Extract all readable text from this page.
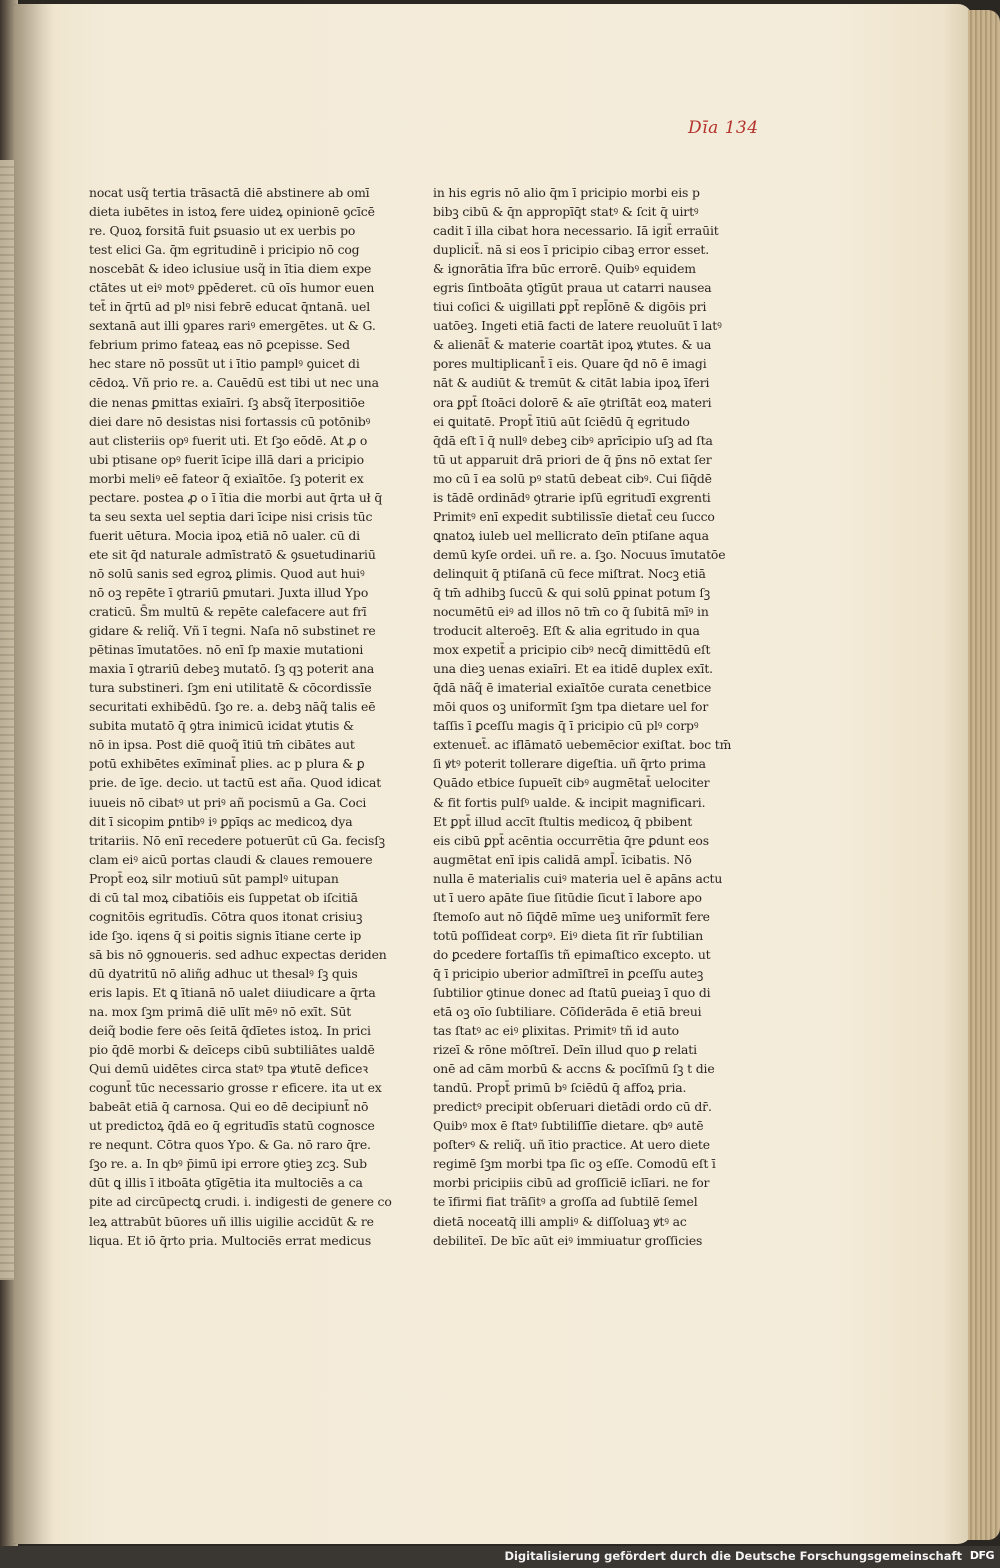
Dīa 134
nocat usq̃ tertia trāsactā diē abstinere ab omī
dieta iubētes in istoꝝ fere uideꝝ opinionē ꝯcīcē
re. Quoꝝ forsitā fuit ꝑsuasio ut ex uerbis po
test elici Ga. q̄m egritudinē i pricipio nō cog
noscebāt & ideo iclusiue usq̃ in ītia diem expe
ctātes ut eiꝰ motꝰ ꝑpēderet. cū oīs humor euen
tet̄ in q̄rtū ad plꝰ nisi febrē educat q̄ntanā. uel
sextanā aut illi ꝯpares rariꝰ emergētes. ut & G.
febrium primo fateaꝝ eas nō ꝑcepisse. Sed
hec stare nō possūt ut i ītio pamplꝰ ꝯuicet di
cēdoꝝ. Vñ prio re. a. Cauēdū est tibi ut nec una
die nenas ꝑmittas exiaīri. ſꝫ absq̃ īterpositiōe
diei dare nō desistas nisi fortassis cū potōnibꝰ
aut clisteriis opꝰ fuerit uti. Et ſꝫo eōdē. At ꝓ o
ubi ptisane opꝰ fuerit īcipe illā dari a pricipio
morbi meliꝰ eē fateor q̄ exiaītōe. ſꝫ poterit ex
pectare. postea ꝓ o ī ītia die morbi aut q̄rta uł q̄
ta seu sexta uel septia dari īcipe nisi crisis tūc
fuerit uētura. Mocia ipoꝝ etiā nō ualer. cū di
ete sit q̄d naturale admīstratō & ꝯsuetudinariū
nō solū sanis sed egroꝝ ꝑlimis. Quod aut huiꝰ
nō oꝫ repēte ī ꝯtrariū ꝑmutari. Juxta illud Ypo
craticū. S̄m multū & repēte calefacere aut frī
gidare & reliq̃. Vñ ī tegni. Naſa nō substinet re
pētinas īmutatōes. nō enī ſp maxie mutationi
maxia ī ꝯtrariū debeꝫ mutatō. ſꝫ qꝫ poterit ana
tura substineri. ſꝫm eni utilitatē & cōcordissīe
securitati exhibēdū. ſꝫo re. a. debꝫ nāq̃ talis eē
subita mutatō q̄ ꝯtra inimicū icidat ꝟtutis &
nō in ipsa. Post diē quoq̃ ītiū tm̄ cibātes aut
potū exhibētes exīminat̄ plies. ac p plura & ꝑ
prie. de īge. decio. ut tactū est aña. Quod idicat
iuueis nō cibatꝰ ut priꝰ añ pocismū a Ga. Coci
dit ī sicopim ꝑntibꝰ iꝰ ꝑpīqs ac medicoꝝ dya
tritariis. Nō enī recedere potuerūt cū Ga. fecisſꝫ
clam eiꝰ aicū portas claudi & claues remouere
Propt̄ eoꝝ silr motiuū sūt pamplꝰ uitupan
di cū tal moꝝ cibatiōis eis ſuppetat ob iſcitiā
cognitōis egritudīs. Cōtra quos itonat crisiuꝫ
ide ſꝫo. iqens q̄ si ꝑoitis signis ītiane certe ip
sā bis nō ꝯgnoueris. sed adhuc expectas deriden
dū dyatritū nō aliñg adhuc ut thesalꝰ ſꝫ quis
eris lapis. Et ꝗ ītianā nō ualet diiudicare a q̄rta
na. mox ſꝫm primā diē ulīt mēꝰ nō exīt. Sūt
deiq̃ bodie fere oēs ſeitā q̄dīetes istoꝝ. In prici
pio q̄dē morbi & deīceps cibū subtiliātes ualdē
Qui demū uidētes circa statꝰ tpa ꝟtutē deficeꝛ
cogunt̄ tūc necessario grosse r eficere. ita ut ex
babeāt etiā q̄ carnosa. Qui eo dē decipiunt̄ nō
ut predictoꝝ q̄dā eo q̄ egritudīs statū cognosce
re nequnt. Cōtra quos Ypo. & Ga. nō raro q̄re.
ſꝫo re. a. In qbꝰ p̄imū ipi errore ꝯtieꝫ zcꝫ. Sub
dūt ꝗ illis ī itboāta ꝯtīgētia ita multociēs a ca
pite ad circūpectꝗ crudi. i. indigesti de genere co
leꝝ attrabūt būores uñ illis uigilie accidūt & re
liqua. Et iō q̄rto pria. Multociēs errat medicus
in his egris nō alio q̄m ī pricipio morbi eis p
bibꝫ cibū & q̄n appropīq̄t statꝰ & ſcit q̄ uirtꝰ
cadit ī illa cibat hora necessario. Iā igit̄ erraūit
duplicit̄. nā si eos ī pricipio cibaꝫ error esset.
& ignorātia īfra būc errorē. Quibꝰ equidem
egris ſintboāta ꝯtīgūt praua ut catarri nausea
tiui coſici & uigillati ꝑpt̄ repl̄ōnē & digōis pri
uatōeꝫ. Ingeti etiā facti de latere reuoluūt ī latꝰ
& alienāt̄ & materie coartāt ipoꝝ ꝟtutes. & ua
pores multiplicant̄ ī eis. Quare q̄d nō ē imagi
nāt & audiūt & tremūt & citāt labia ipoꝝ īferi
ora ꝑpt̄ ſtoāci dolorē & aīe ꝯtriſtāt eoꝝ materi
ei ꝗuitatē. Propt̄ ītiū aūt ſciēdū q̄ egritudo
q̄dā eſt ī q̄ nullꝰ debeꝫ cibꝰ aprīcipio uſꝫ ad ſta
tū ut apparuit drā priori de q̄ p̄ns nō extat ſer
mo cū ī ea solū pꝰ statū debeat cibꝰ. Cui ſiq̄dē
is tādē ordinādꝰ ꝯtrarie ipſū egritudī exgrenti
Primitꝰ enī expedit subtilissīe dietat̄ ceu ſucco
ꝗnatoꝝ iuleb uel mellicrato deīn ptiſane aqua
demū kyſe ordei. uñ re. a. ſꝫo. Nocuus īmutatōe
delinquit q̄ ptiſanā cū fece miſtrat. Nocꝫ etiā
q̄ tm̄ adhibꝫ ſuccū & qui solū ꝑpinat potum ſꝫ
nocumētū eiꝰ ad illos nō tm̄ co q̄ ſubitā mīꝰ in
troducit alteroēꝫ. Eſt & alia egritudo in qua
mox expetit̄ a pricipio cibꝰ necq̄ dimittēdū eſt
una dieꝫ uenas exiaīri. Et ea itidē duplex exīt.
q̄dā nāq̃ ē imaterial exiaītōe curata cenetbice
mōi quos oꝫ uniformīt ſꝫm tpa dietare uel for
taſſis ī ꝑceſſu magis q̄ ī pricipio cū plꝰ corpꝰ
extenuet̄. ac iflāmatō uebemēcior exiſtat. boc tm̄
ſi ꝟtꝰ poterit tollerare digeſtia. uñ q̄rto prima
Quādo etbice ſupueīt cibꝰ augmētat̄ uelociter
& fit fortis pulſꝰ ualde. & incipit magnificari.
Et ꝑpt̄ illud accīt ſtultis medicoꝝ q̄ pbibent
eis cibū ꝑpt̄ acēntia occurrētia q̄re ꝑdunt eos
augmētat enī ipis calidā ampl̄. īcibatis. Nō
nulla ē materialis cuiꝰ materia uel ē apāns actu
ut ī uero apāte ſiue ſitūdie ſicut ī labore apo
ſtemoſo aut nō ſiq̄dē mīme ueꝫ uniformīt fere
totū poſſideat corpꝰ. Eiꝰ dieta ſit rīr ſubtilian
do ꝑcedere fortaſſis tñ epimaſtico excepto. ut
q̄ ī pricipio uberior admīſtreī in ꝑceſſu auteꝫ
ſubtilior ꝯtinue donec ad ſtatū ꝑueiaꝫ ī quo di
etā oꝫ oīo ſubtiliare. Cōſiderāda ē etiā breui
tas ſtatꝰ ac eiꝰ ꝑlixitas. Primitꝰ tñ id auto
rizeī & rōne mōſtreī. Deīn illud quo ꝑ relati
onē ad cām morbū & accns & pocīſmū ſꝫ t die
tandū. Propt̄ primū bꝰ ſciēdū q̄ affoꝝ pria.
predictꝰ precipit obſeruari dietādi ordo cū dr̄.
Quibꝰ mox ē ſtatꝰ ſubtiliſſīe dietare. qbꝰ autē
poſterꝰ & reliq̃. uñ ītio practice. At uero diete
regimē ſꝫm morbi tpa ſic oꝫ eſſe. Comodū eſt ī
morbi pricipiis cibū ad groſſiciē iclīari. ne for
te īfirmi fiat trāſitꝰ a groſſa ad ſubtilē ſemel
dietā noceatq̄ illi ampliꝰ & diſſoluaꝫ ꝟtꝰ ac
debiliteī. De bīc aūt eiꝰ immiuatur groſſicies
Digitalisierung gefördert durch die Deutsche Forschungsgemeinschaft DFG
